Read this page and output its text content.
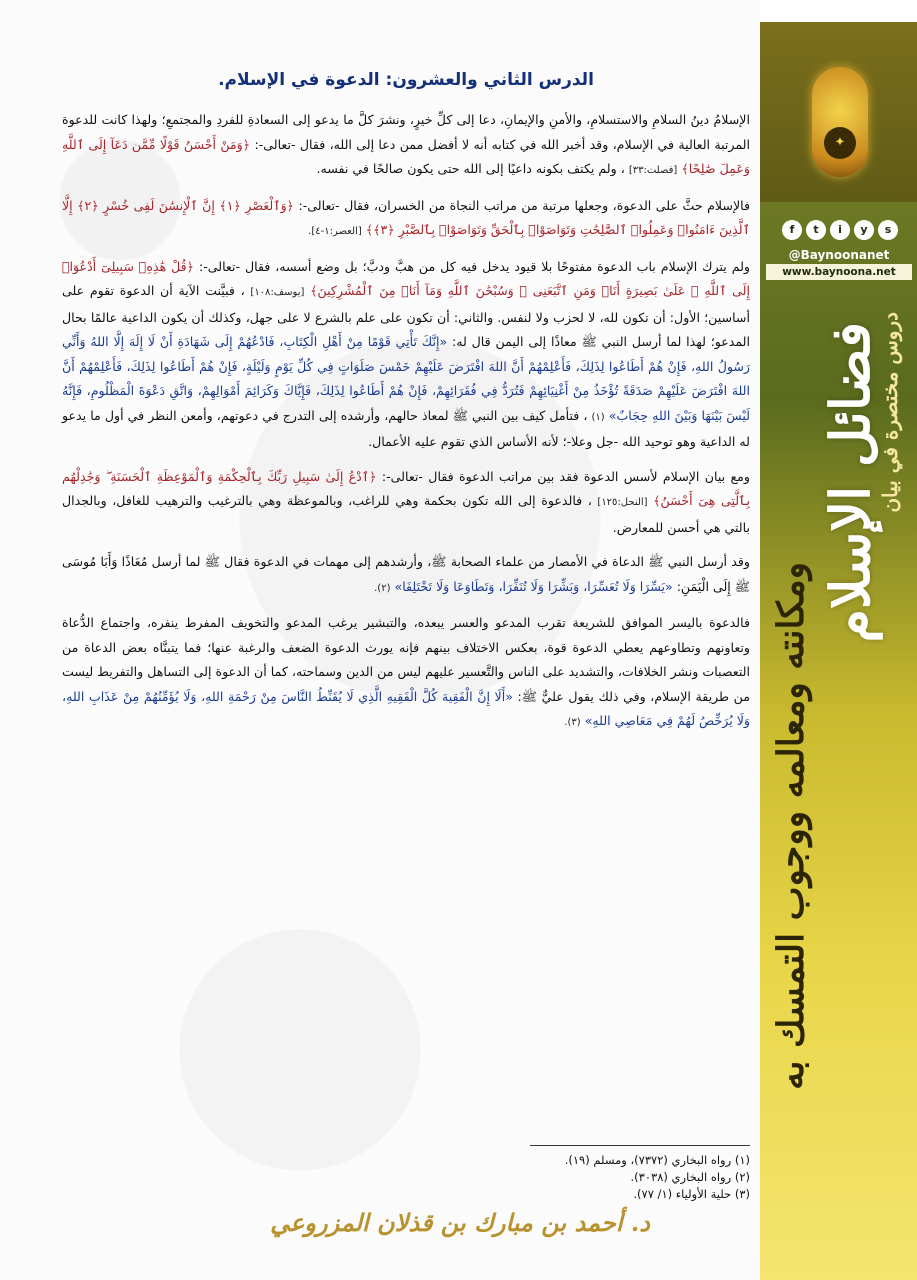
الدرس الثاني والعشرون: الدعوة في الإسلام.

الإسلامُ دينُ السلامِ والاستسلامِ، والأمنِ والإيمانِ، دعا إلى كلِّ خيرٍ، ونشرَ كلَّ ما يدعو إلى السعادةِ للفردِ والمجتمعِ؛ ولهذا كانت للدعوة المرتبة العالية في الإسلام، وقد أخبر الله في كتابه أنه لا أفضل ممن دعا إلى الله، فقال -تعالى-: ﴿وَمَنْ أَحْسَنُ قَوْلًا مِّمَّن دَعَآ إِلَى ٱللَّهِ وَعَمِلَ صَٰلِحًا﴾ [فصلت:٣٣] ، ولم يكتف بكونه داعيًا إلى الله حتى يكون صالحًا في نفسه.

فالإسلام حثَّ على الدعوة، وجعلها مرتبة من مراتب النجاة من الخسران، فقال -تعالى-: ﴿وَٱلْعَصْرِ ﴿١﴾ إِنَّ ٱلْإِنسَٰنَ لَفِى خُسْرٍ ﴿٢﴾ إِلَّا ٱلَّذِينَ ءَامَنُوا۟ وَعَمِلُوا۟ ٱلصَّٰلِحَٰتِ وَتَوَاصَوْا۟ بِٱلْحَقِّ وَتَوَاصَوْا۟ بِٱلصَّبْرِ ﴿٣﴾﴾ [العصر:١-٤].

ولم يترك الإسلام باب الدعوة مفتوحًا بلا قيود يدخل فيه كل من هبَّ ودبَّ؛ بل وضع أسسه، فقال -تعالى-: ﴿قُلْ هَٰذِهِۦ سَبِيلِىٓ أَدْعُوٓا۟ إِلَى ٱللَّهِ ۚ عَلَىٰ بَصِيرَةٍ أَنَا۠ وَمَنِ ٱتَّبَعَنِى ۖ وَسُبْحَٰنَ ٱللَّهِ وَمَآ أَنَا۠ مِنَ ٱلْمُشْرِكِينَ﴾ [يوسف:١٠٨] ، فبيَّنت الآية أن الدعوة تقوم على أساسين؛ الأول: أن تكون لله، لا لحزب ولا لنفس. والثاني: أن تكون على علم بالشرع لا على جهل، وكذلك أن يكون الداعية عالمًا بحال المدعو؛ لهذا لما أرسل النبي ﷺ معاذًا إلى اليمن قال له: «إِنَّكَ تَأْتِي قَوْمًا مِنْ أَهْلِ الْكِتَابِ، فَادْعُهُمْ إِلَى شَهَادَةِ أَنْ لَا إِلَهَ إِلَّا اللهُ وَأَنِّي رَسُولُ اللهِ، فَإِنْ هُمْ أَطَاعُوا لِذَلِكَ، فَأَعْلِمْهُمْ أَنَّ اللهَ افْتَرَضَ عَلَيْهِمْ خَمْسَ صَلَوَاتٍ فِي كُلِّ يَوْمٍ وَلَيْلَةٍ، فَإِنْ هُمْ أَطَاعُوا لِذَلِكَ، فَأَعْلِمْهُمْ أَنَّ اللهَ افْتَرَضَ عَلَيْهِمْ صَدَقَةً تُؤْخَذُ مِنْ أَغْنِيَائِهِمْ فَتُرَدُّ فِي فُقَرَائِهِمْ، فَإِنْ هُمْ أَطَاعُوا لِذَلِكَ، فَإِيَّاكَ وَكَرَائِمَ أَمْوَالِهِمْ، وَاتَّقِ دَعْوَةَ الْمَظْلُومِ، فَإِنَّهُ لَيْسَ بَيْنَهَا وَبَيْنَ اللهِ حِجَابٌ» (١) ، فتأمل كيف بين النبي ﷺ لمعاذ حالهم، وأرشده إلى التدرج في دعوتهم، وأمعن النظر في أول ما يدعو له الداعية وهو توحيد الله -جل وعلا-؛ لأنه الأساس الذي تقوم عليه الأعمال.

ومع بيان الإسلام لأسس الدعوة فقد بين مراتب الدعوة فقال -تعالى-: ﴿ٱدْعُ إِلَىٰ سَبِيلِ رَبِّكَ بِٱلْحِكْمَةِ وَٱلْمَوْعِظَةِ ٱلْحَسَنَةِ ۖ وَجَٰدِلْهُم بِٱلَّتِى هِىَ أَحْسَنُ﴾ [النحل:١٢٥] ، فالدعوة إلى الله تكون بحكمة وهي للراغب، وبالموعظة وهي بالترغيب والترهيب للغافل، وبالجدال بالتي هي أحسن للمعارض.

وقد أرسل النبي ﷺ الدعاة في الأمصار من علماء الصحابة ﷺ، وأرشدهم إلى مهمات في الدعوة فقال ﷺ لما أرسل مُعَاذًا وَأَبَا مُوسَى ﷺ إِلَى الْيَمَنِ: «يَسِّرَا وَلَا تُعَسِّرَا، وَبَشِّرَا وَلَا تُنَفِّرَا، وَتَطَاوَعَا وَلَا تَخْتَلِفَا» (٢).

فالدعوة باليسر الموافق للشريعة تقرب المدعو والعسر يبعده، والتبشير يرغب المدعو والتخويف المفرط ينفره، واجتماع الدُّعاة وتعاونهم وتطاوعهم يعطي الدعوة قوة، بعكس الاختلاف بينهم فإنه يورث الدعوة الضعف والرغبة عنها؛ فما يتبنَّاه بعض الدعاة من التعصبات ونشر الخلافات، والتشديد على الناس والتَّعسير عليهم ليس من الدين وسماحته، كما أن الدعوة إلى التساهل والتفريط ليست من طريقة الإسلام، وفي ذلك يقول عليٌّ ﷺ: «أَلَا إِنَّ الْفَقِيهَ كُلَّ الْفَقِيهِ الَّذِي لَا يُقَنِّطُ النَّاسَ مِنْ رَحْمَةِ اللهِ، وَلَا يُؤَمِّنُهُمْ مِنْ عَذَابِ اللهِ، وَلَا يُرَخِّصُ لَهُمْ فِي مَعَاصِي اللهِ» (٣).

(١) رواه البخاري (٧٣٧٢)، ومسلم (١٩).
(٢) رواه البخاري (٣٠٣٨).
(٣) حلية الأولياء (١/ ٧٧).
د. أحمد بن مبارك بن قذلان المزروعي
✦
f	t	i	y	s
@Baynoonanet
www.baynoona.net
دروس مختصرة في بيان
فضائل الإسلام
ومكانته ومعالمه ووجوب التمسك به
